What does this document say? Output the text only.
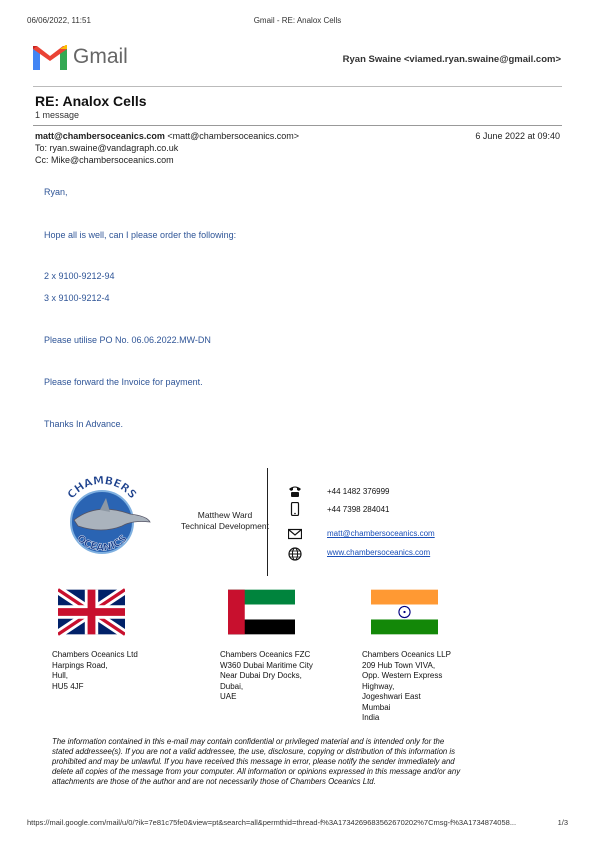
06/06/2022, 11:51	Gmail - RE: Analox Cells
Gmail	Ryan Swaine <viamed.ryan.swaine@gmail.com>
RE: Analox Cells
1 message
matt@chambersoceanics.com <matt@chambersoceanics.com>	6 June 2022 at 09:40
To: ryan.swaine@vandagraph.co.uk
Cc: Mike@chambersoceanics.com
Ryan,
Hope all is well, can I please order the following:
2 x 9100-9212-94
3 x 9100-9212-4
Please utilise PO No. 06.06.2022.MW-DN
Please forward the Invoice for payment.
Thanks In Advance.
CHAMBERS
OCEANICS
Matthew Ward
Technical Development
+44 1482 376999
+44 7398 284041
matt@chambersoceanics.com
www.chambersoceanics.com
Chambers Oceanics Ltd
Harpings Road,
Hull,
HU5 4JF
Chambers Oceanics FZC
W360 Dubai Maritime City
Near Dubai Dry Docks,
Dubai,
UAE
Chambers Oceanics LLP
209 Hub Town VIVA,
Opp. Western Express
Highway,
Jogeshwari East
Mumbai
India
The information contained in this e-mail may contain confidential or privileged material and is intended only for the stated addressee(s). If you are not a valid addressee, the use, disclosure, copying or distribution of this information is prohibited and may be unlawful. If you have received this message in error, please notify the sender immediately and delete all copies of the message from your computer. All information or opinions expressed in this message and/or any attachments are those of the author and are not necessarily those of Chambers Oceanics Ltd.
https://mail.google.com/mail/u/0/?ik=7e81c75fe0&view=pt&search=all&permthid=thread-f%3A1734269683562670202%7Cmsg-f%3A1734874058...	1/3
